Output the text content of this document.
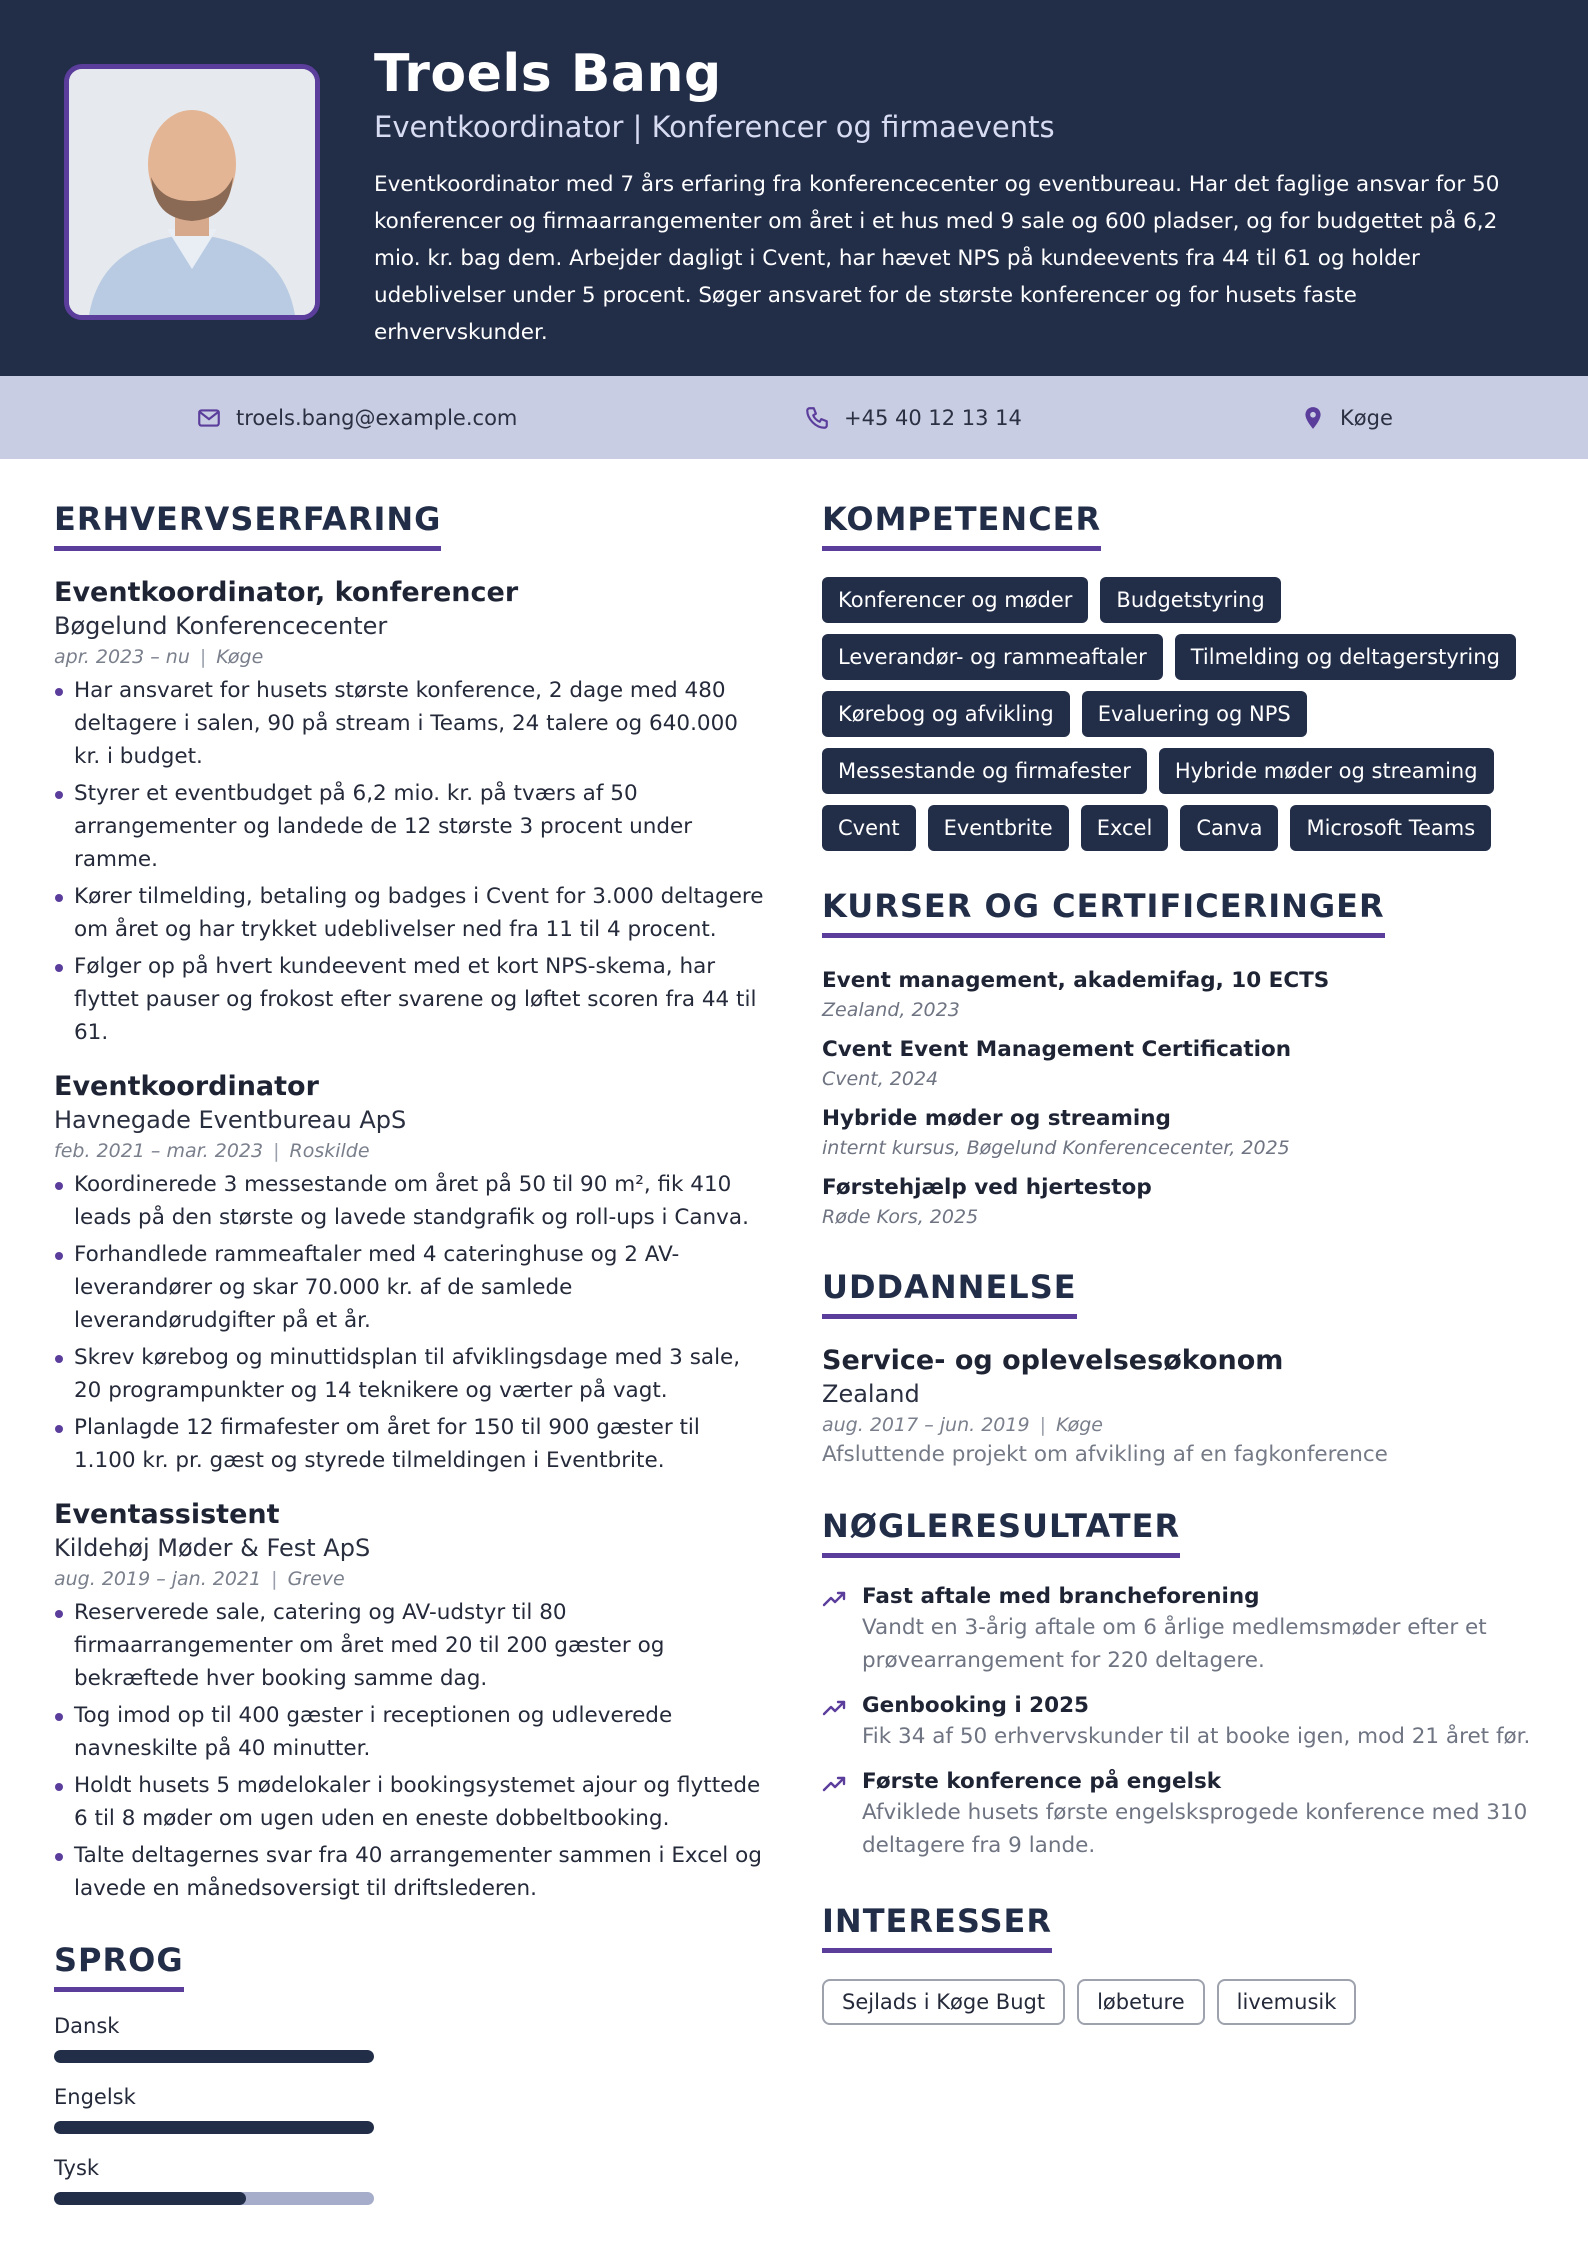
Troels Bang
Eventkoordinator | Konferencer og firmaevents
Eventkoordinator med 7 års erfaring fra konferencecenter og eventbureau. Har det faglige ansvar for 50 konferencer og firmaarrangementer om året i et hus med 9 sale og 600 pladser, og for budgettet på 6,2 mio. kr. bag dem. Arbejder dagligt i Cvent, har hævet NPS på kundeevents fra 44 til 61 og holder udeblivelser under 5 procent. Søger ansvaret for de største konferencer og for husets faste erhvervskunder.
troels.bang@example.com	+45 40 12 13 14	Køge
ERHVERVSERFARING
Eventkoordinator, konferencer
Bøgelund Konferencecenter
apr. 2023 – nu | Køge
Har ansvaret for husets største konference, 2 dage med 480 deltagere i salen, 90 på stream i Teams, 24 talere og 640.000 kr. i budget.
Styrer et eventbudget på 6,2 mio. kr. på tværs af 50 arrangementer og landede de 12 største 3 procent under ramme.
Kører tilmelding, betaling og badges i Cvent for 3.000 deltagere om året og har trykket udeblivelser ned fra 11 til 4 procent.
Følger op på hvert kundeevent med et kort NPS-skema, har flyttet pauser og frokost efter svarene og løftet scoren fra 44 til 61.
Eventkoordinator
Havnegade Eventbureau ApS
feb. 2021 – mar. 2023 | Roskilde
Koordinerede 3 messestande om året på 50 til 90 m², fik 410 leads på den største og lavede standgrafik og roll-ups i Canva.
Forhandlede rammeaftaler med 4 cateringhuse og 2 AV-leverandører og skar 70.000 kr. af de samlede leverandørudgifter på et år.
Skrev kørebog og minuttidsplan til afviklingsdage med 3 sale, 20 programpunkter og 14 teknikere og værter på vagt.
Planlagde 12 firmafester om året for 150 til 900 gæster til 1.100 kr. pr. gæst og styrede tilmeldingen i Eventbrite.
Eventassistent
Kildehøj Møder & Fest ApS
aug. 2019 – jan. 2021 | Greve
Reserverede sale, catering og AV-udstyr til 80 firmaarrangementer om året med 20 til 200 gæster og bekræftede hver booking samme dag.
Tog imod op til 400 gæster i receptionen og udleverede navneskilte på 40 minutter.
Holdt husets 5 mødelokaler i bookingsystemet ajour og flyttede 6 til 8 møder om ugen uden en eneste dobbeltbooking.
Talte deltagernes svar fra 40 arrangementer sammen i Excel og lavede en månedsoversigt til driftslederen.
SPROG
Dansk
Engelsk
Tysk
KOMPETENCER
Konferencer og møder	Budgetstyring
Leverandør- og rammeaftaler	Tilmelding og deltagerstyring
Kørebog og afvikling	Evaluering og NPS
Messestande og firmafester	Hybride møder og streaming
Cvent	Eventbrite	Excel	Canva	Microsoft Teams
KURSER OG CERTIFICERINGER
Event management, akademifag, 10 ECTS
Zealand, 2023
Cvent Event Management Certification
Cvent, 2024
Hybride møder og streaming
internt kursus, Bøgelund Konferencecenter, 2025
Førstehjælp ved hjertestop
Røde Kors, 2025
UDDANNELSE
Service- og oplevelsesøkonom
Zealand
aug. 2017 – jun. 2019 | Køge
Afsluttende projekt om afvikling af en fagkonference
NØGLERESULTATER
Fast aftale med brancheforening
Vandt en 3-årig aftale om 6 årlige medlemsmøder efter et prøvearrangement for 220 deltagere.
Genbooking i 2025
Fik 34 af 50 erhvervskunder til at booke igen, mod 21 året før.
Første konference på engelsk
Afviklede husets første engelsksprogede konference med 310 deltagere fra 9 lande.
INTERESSER
Sejlads i Køge Bugt	løbeture	livemusik
